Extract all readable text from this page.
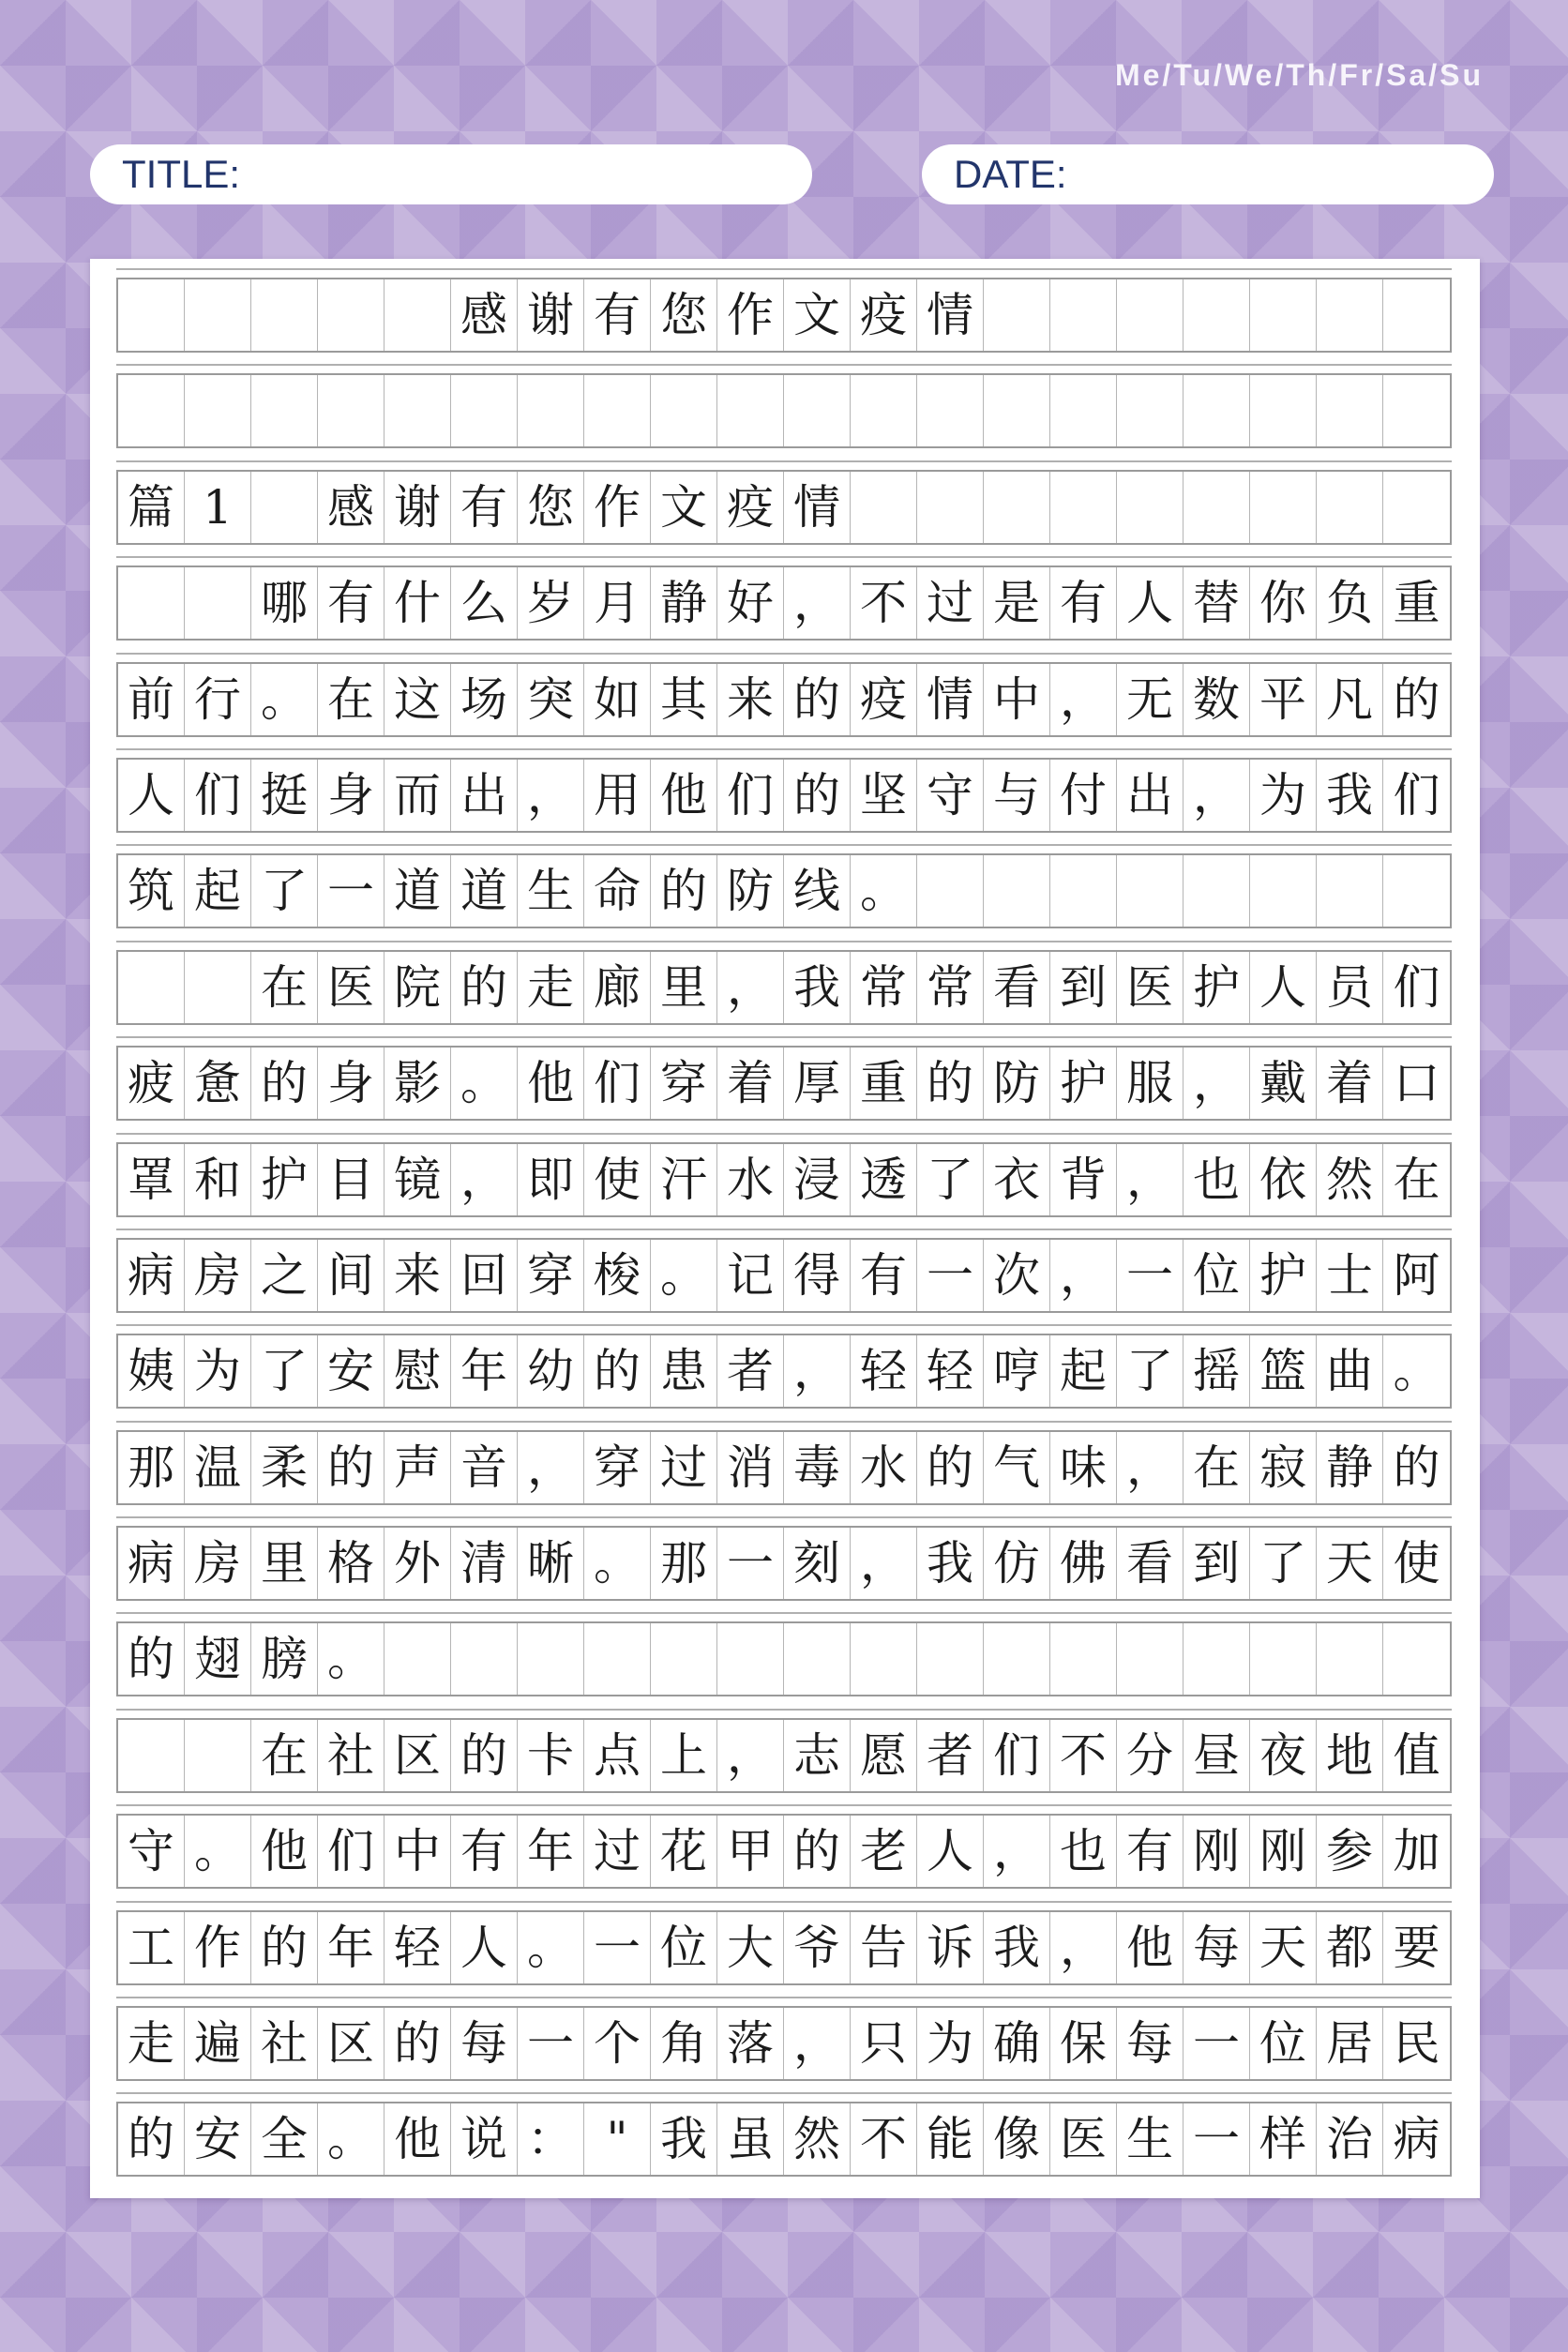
Me/Tu/We/Th/Fr/Sa/Su
TITLE:	DATE:
感 谢 有 您 作 文 疫 情
篇 1	感 谢 有 您 作 文 疫 情
哪 有 什 么 岁 月 静 好 ， 不 过 是 有 人 替 你 负 重
前 行 。 在 这 场 突 如 其 来 的 疫 情 中 ， 无 数 平 凡 的
人 们 挺 身 而 出 ， 用 他 们 的 坚 守 与 付 出 ， 为 我 们
筑 起 了 一 道 道 生 命 的 防 线 。
在 医 院 的 走 廊 里 ， 我 常 常 看 到 医 护 人 员 们
疲 惫 的 身 影 。 他 们 穿 着 厚 重 的 防 护 服 ， 戴 着 口
罩 和 护 目 镜 ， 即 使 汗 水 浸 透 了 衣 背 ， 也 依 然 在
病 房 之 间 来 回 穿 梭 。 记 得 有 一 次 ， 一 位 护 士 阿
姨 为 了 安 慰 年 幼 的 患 者 ， 轻 轻 哼 起 了 摇 篮 曲 。
那 温 柔 的 声 音 ， 穿 过 消 毒 水 的 气 味 ， 在 寂 静 的
病 房 里 格 外 清 晰 。 那 一 刻 ， 我 仿 佛 看 到 了 天 使
的 翅 膀 。
在 社 区 的 卡 点 上 ， 志 愿 者 们 不 分 昼 夜 地 值
守 。 他 们 中 有 年 过 花 甲 的 老 人 ， 也 有 刚 刚 参 加
工 作 的 年 轻 人 。 一 位 大 爷 告 诉 我 ， 他 每 天 都 要
走 遍 社 区 的 每 一 个 角 落 ， 只 为 确 保 每 一 位 居 民
的 安 全 。 他 说 ： " 我 虽 然 不 能 像 医 生 一 样 治 病
